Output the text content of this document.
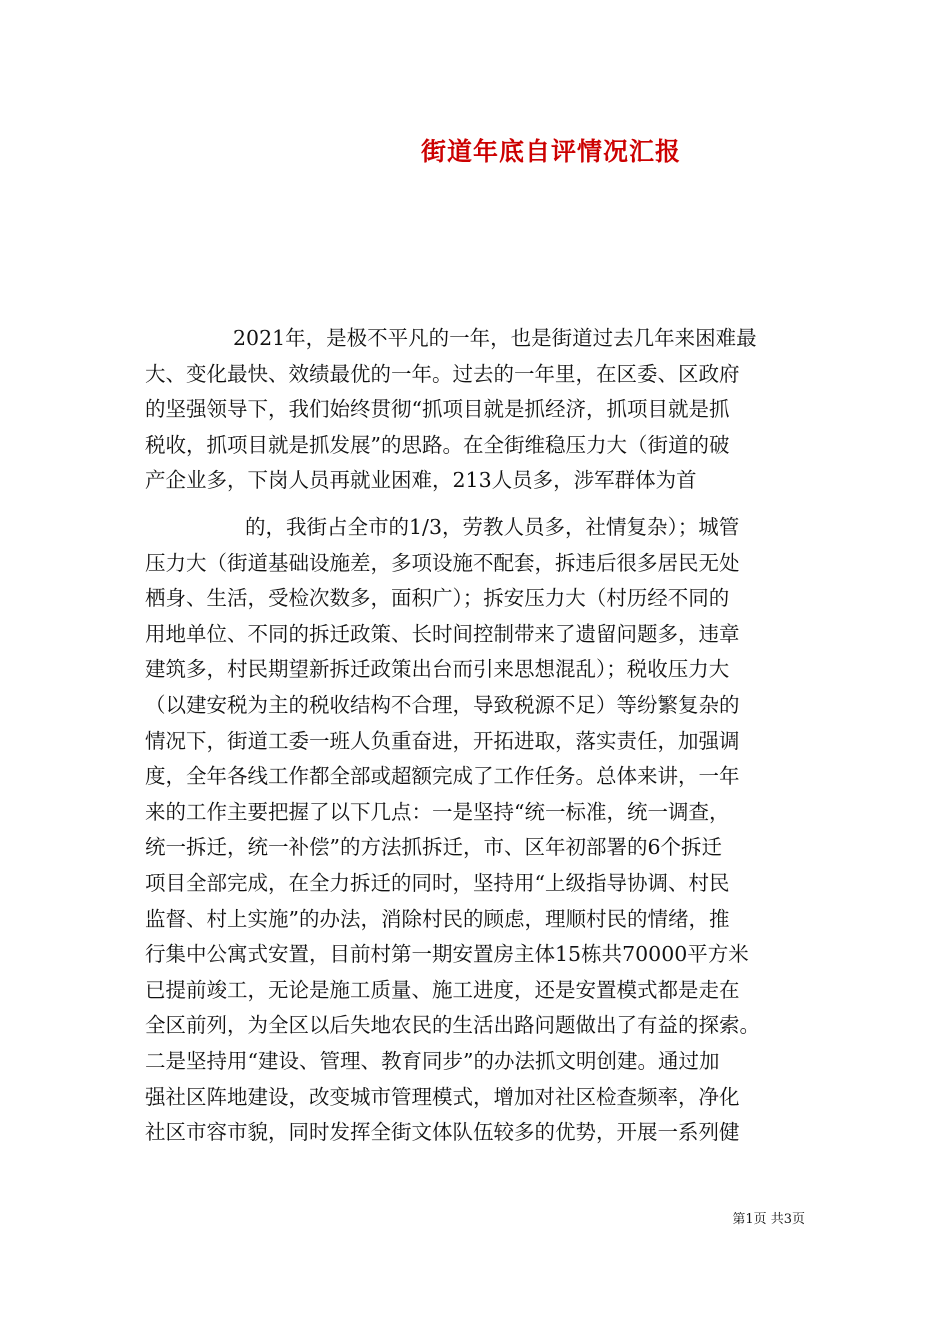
街道年底自评情况汇报
2021年，是极不平凡的一年，也是街道过去几年来困难最
大、变化最快、效绩最优的一年。过去的一年里，在区委、区政府
的坚强领导下，我们始终贯彻“抓项目就是抓经济，抓项目就是抓
税收，抓项目就是抓发展”的思路。在全街维稳压力大（街道的破
产企业多，下岗人员再就业困难，213人员多，涉军群体为首
的，我街占全市的1/3，劳教人员多，社情复杂）；城管
压力大（街道基础设施差，多项设施不配套，拆违后很多居民无处
栖身、生活，受检次数多，面积广）；拆安压力大（村历经不同的
用地单位、不同的拆迁政策、长时间控制带来了遗留问题多，违章
建筑多，村民期望新拆迁政策出台而引来思想混乱）；税收压力大
（以建安税为主的税收结构不合理，导致税源不足）等纷繁复杂的
情况下，街道工委一班人负重奋进，开拓进取，落实责任，加强调
度，全年各线工作都全部或超额完成了工作任务。总体来讲，一年
来的工作主要把握了以下几点：一是坚持“统一标准，统一调查，
统一拆迁，统一补偿”的方法抓拆迁，市、区年初部署的6个拆迁
项目全部完成，在全力拆迁的同时，坚持用“上级指导协调、村民
监督、村上实施”的办法，消除村民的顾虑，理顺村民的情绪，推
行集中公寓式安置，目前村第一期安置房主体15栋共70000平方米
已提前竣工，无论是施工质量、施工进度，还是安置模式都是走在
全区前列，为全区以后失地农民的生活出路问题做出了有益的探索。
二是坚持用“建设、管理、教育同步”的办法抓文明创建。通过加
强社区阵地建设，改变城市管理模式，增加对社区检查频率，净化
社区市容市貌，同时发挥全街文体队伍较多的优势，开展一系列健
第1页 共3页
